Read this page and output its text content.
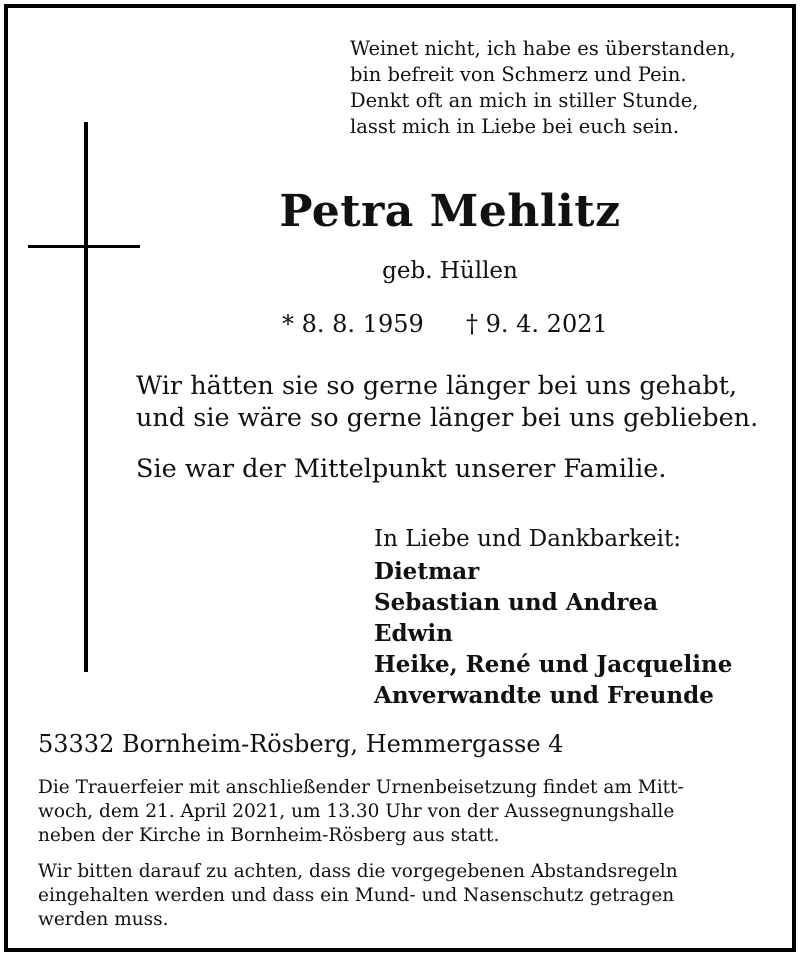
Weinet nicht, ich habe es überstanden,
bin befreit von Schmerz und Pein.
Denkt oft an mich in stiller Stunde,
lasst mich in Liebe bei euch sein.
Petra Mehlitz
geb. Hüllen
* 8. 8. 1959 † 9. 4. 2021
Wir hätten sie so gerne länger bei uns gehabt,
und sie wäre so gerne länger bei uns geblieben.
Sie war der Mittelpunkt unserer Familie.
In Liebe und Dankbarkeit:
Dietmar
Sebastian und Andrea
Edwin
Heike, René und Jacqueline
Anverwandte und Freunde
53332 Bornheim-Rösberg, Hemmergasse 4
Die Trauerfeier mit anschließender Urnenbeisetzung findet am Mitt-
woch, dem 21. April 2021, um 13.30 Uhr von der Aussegnungshalle
neben der Kirche in Bornheim-Rösberg aus statt.
Wir bitten darauf zu achten, dass die vorgegebenen Abstandsregeln
eingehalten werden und dass ein Mund- und Nasenschutz getragen
werden muss.
